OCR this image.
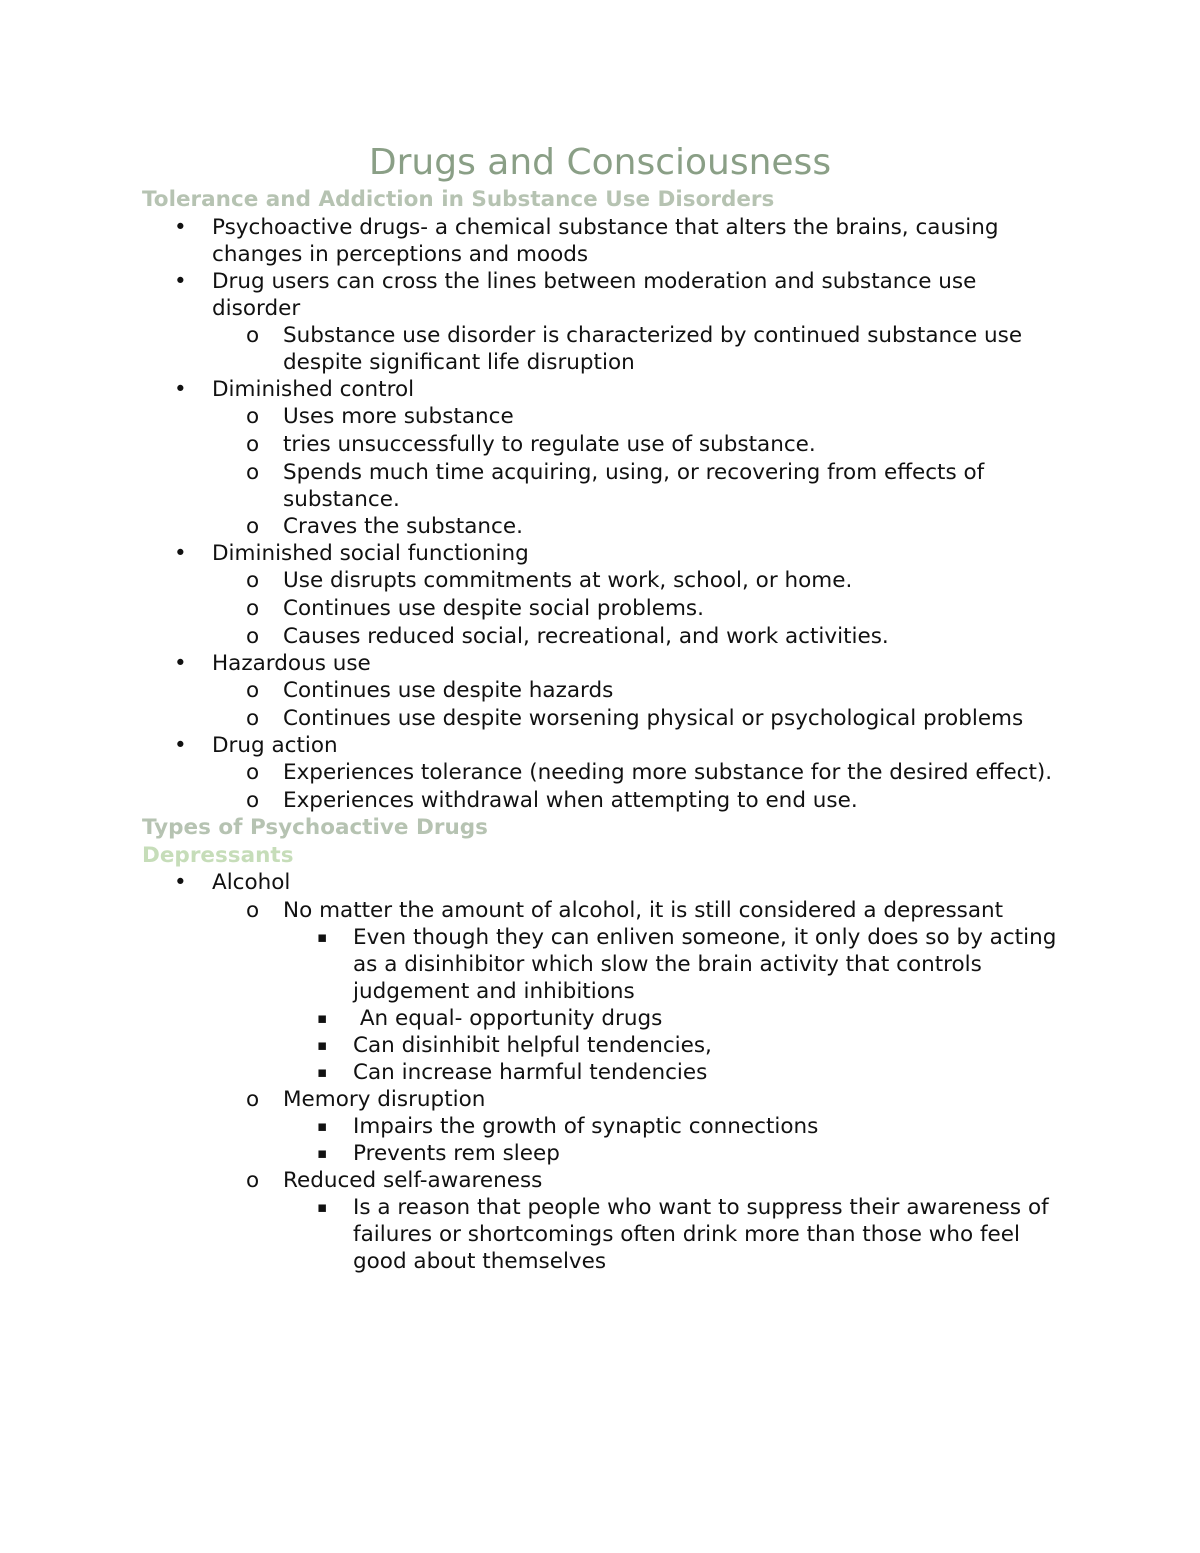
Drugs and Consciousness

Tolerance and Addiction in Substance Use Disorders

• Psychoactive drugs- a chemical substance that alters the brains, causing changes in perceptions and moods
• Drug users can cross the lines between moderation and substance use disorder
o Substance use disorder is characterized by continued substance use despite significant life disruption
• Diminished control
o Uses more substance
o tries unsuccessfully to regulate use of substance.
o Spends much time acquiring, using, or recovering from effects of substance.
o Craves the substance.
• Diminished social functioning
o Use disrupts commitments at work, school, or home.
o Continues use despite social problems.
o Causes reduced social, recreational, and work activities.
• Hazardous use
o Continues use despite hazards
o Continues use despite worsening physical or psychological problems
• Drug action
o Experiences tolerance (needing more substance for the desired effect).
o Experiences withdrawal when attempting to end use.

Types of Psychoactive Drugs

Depressants

• Alcohol
o No matter the amount of alcohol, it is still considered a depressant
▪ Even though they can enliven someone, it only does so by acting as a disinhibitor which slow the brain activity that controls judgement and inhibitions
▪ An equal- opportunity drugs
▪ Can disinhibit helpful tendencies,
▪ Can increase harmful tendencies
o Memory disruption
▪ Impairs the growth of synaptic connections
▪ Prevents rem sleep
o Reduced self-awareness
▪ Is a reason that people who want to suppress their awareness of failures or shortcomings often drink more than those who feel good about themselves
